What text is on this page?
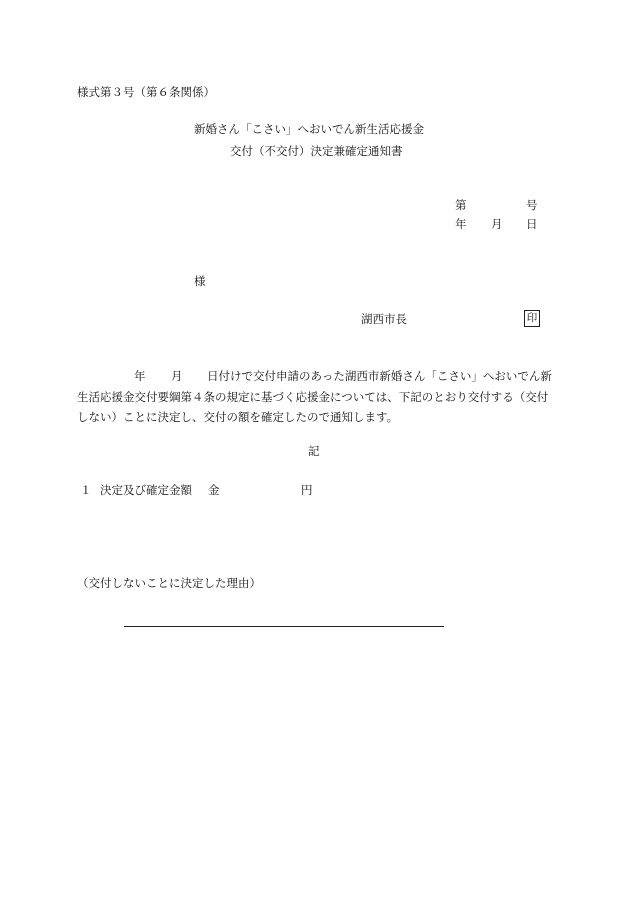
様式第３号（第６条関係）
新婚さん「こさい」へおいでん新生活応援金
交付（不交付）決定兼確定通知書
第	号
年 月 日
様
湖西市長	印
年 月	日付けで交付申請のあった湖西市新婚さん「こさい」へおいでん新生活応援金交付要綱第４条の規定に基づく応援金については、下記のとおり交付する（交付しない）ことに決定し、交付の額を確定したので通知します。
記
１ 決定及び確定金額 金	円
（交付しないことに決定した理由）
